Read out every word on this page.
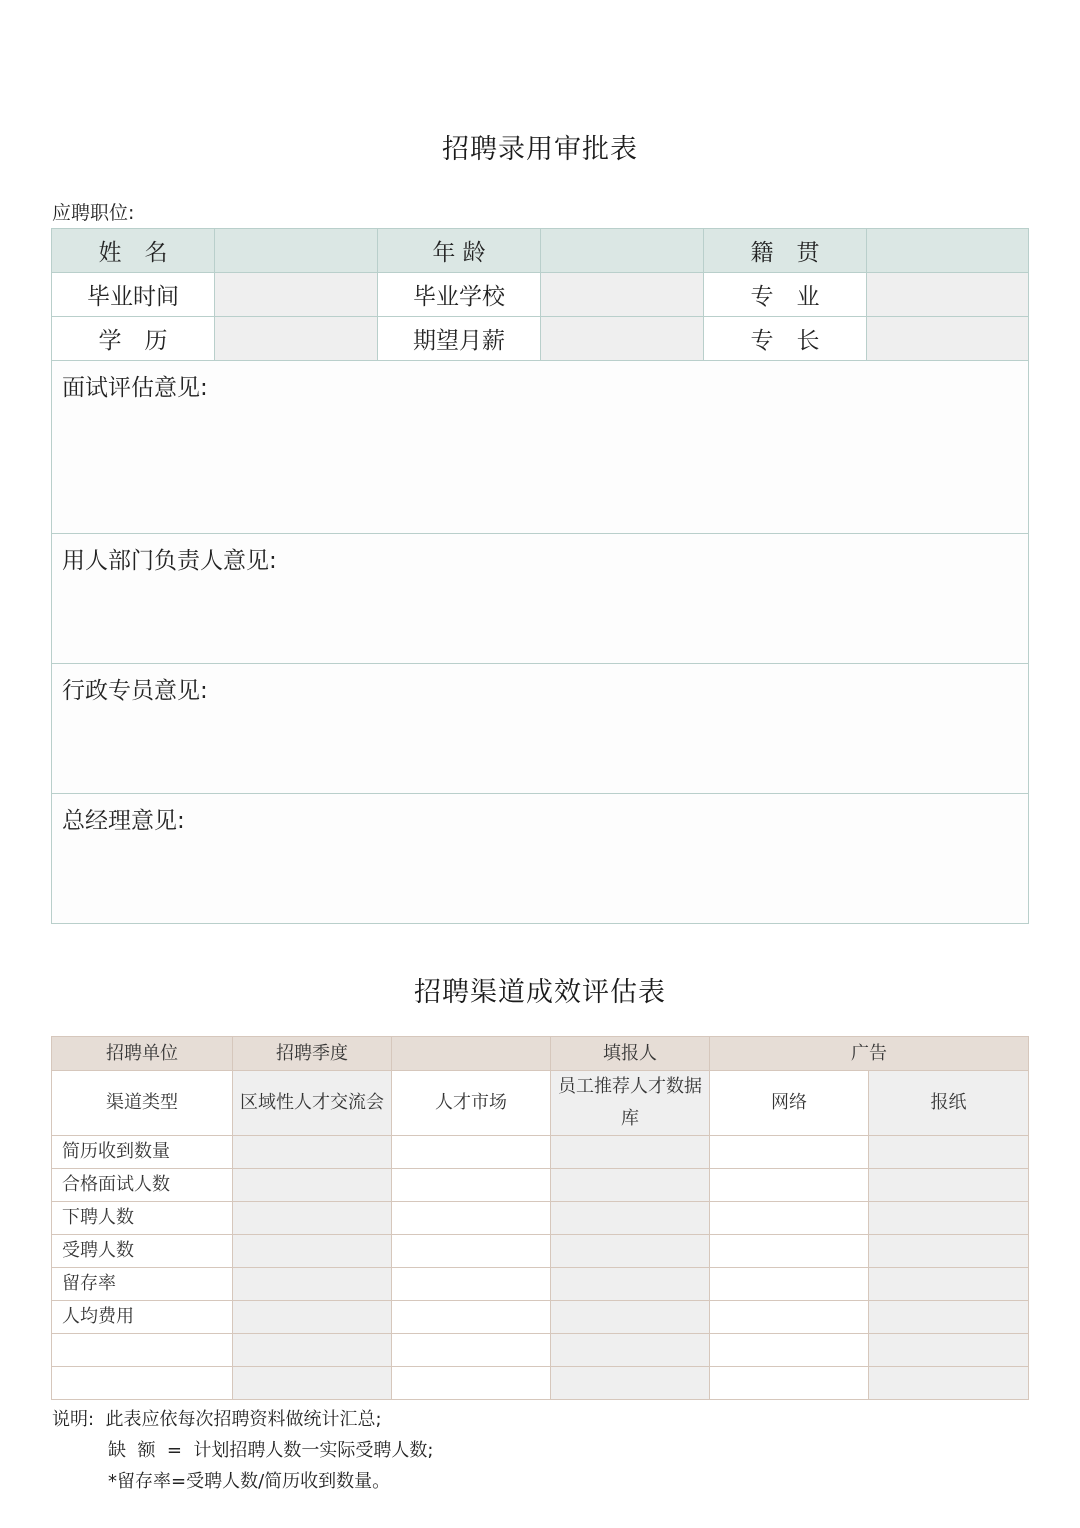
招聘录用审批表
应聘职位:
姓　名		年 龄		籍　贯	
毕业时间		毕业学校		专　业	
学　历		期望月薪		专　长	
面试评估意见:					
用人部门负责人意见:					
行政专员意见:					
总经理意见:					
招聘渠道成效评估表
招聘单位	招聘季度		填报人	广告	
渠道类型	区域性人才交流会	人才市场	员工推荐人才数据库	网络	报纸
简历收到数量					
合格面试人数					
下聘人数					
受聘人数					
留存率					
人均费用					

说明:  此表应依每次招聘资料做统计汇总;
缺  额  =  计划招聘人数一实际受聘人数;
*留存率=受聘人数/简历收到数量。
